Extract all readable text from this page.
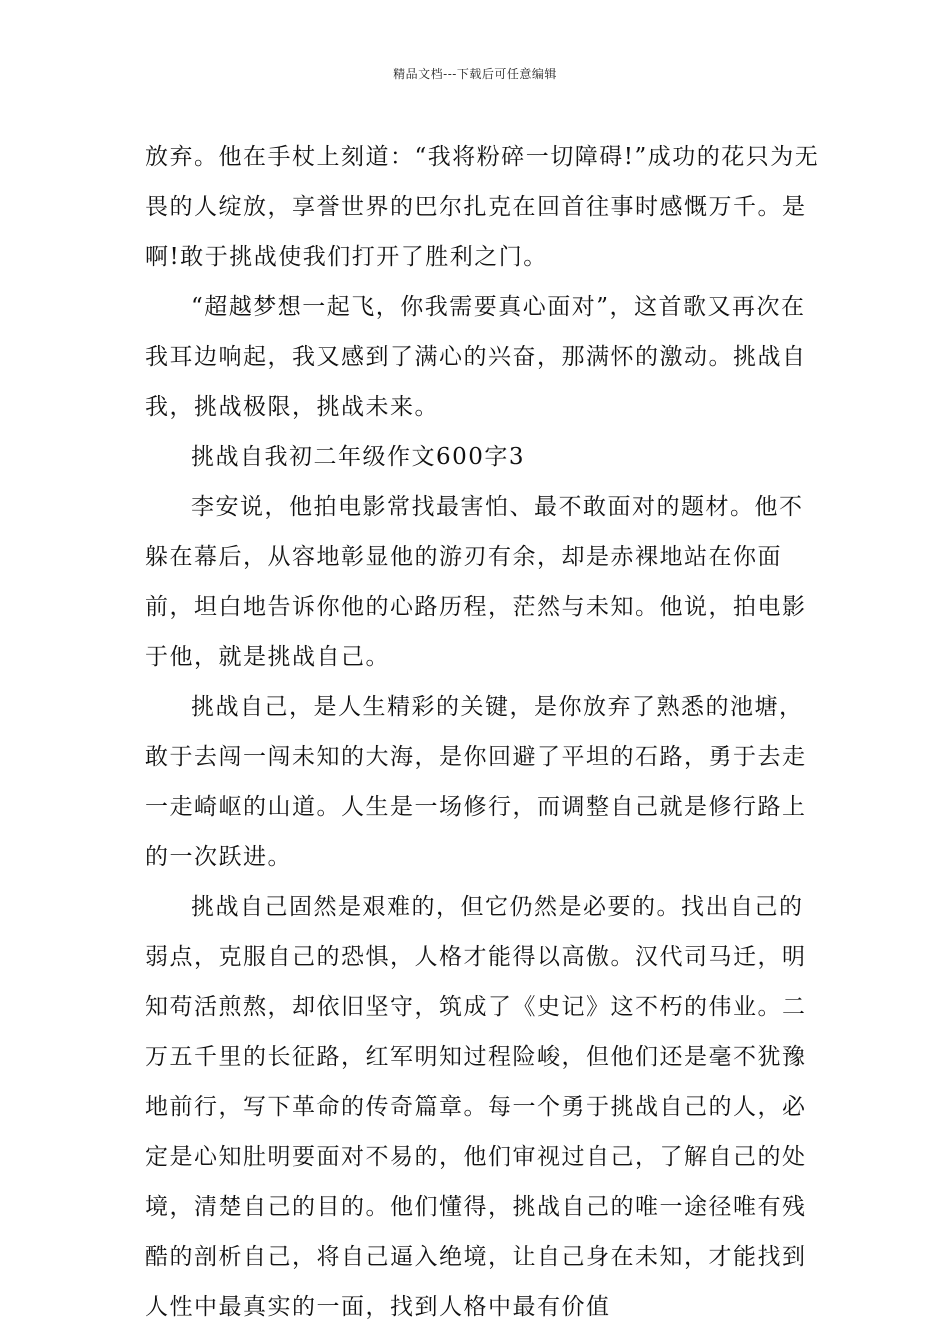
精品文档---下载后可任意编辑

放弃。他在手杖上刻道：“我将粉碎一切障碍!”成功的花只为无畏的人绽放，享誉世界的巴尔扎克在回首往事时感慨万千。是啊!敢于挑战使我们打开了胜利之门。

“超越梦想一起飞，你我需要真心面对”，这首歌又再次在我耳边响起，我又感到了满心的兴奋，那满怀的激动。挑战自我，挑战极限，挑战未来。

挑战自我初二年级作文600字3

李安说，他拍电影常找最害怕、最不敢面对的题材。他不躲在幕后，从容地彰显他的游刃有余，却是赤裸地站在你面前，坦白地告诉你他的心路历程，茫然与未知。他说，拍电影于他，就是挑战自己。

挑战自己，是人生精彩的关键，是你放弃了熟悉的池塘，敢于去闯一闯未知的大海，是你回避了平坦的石路，勇于去走一走崎岖的山道。人生是一场修行，而调整自己就是修行路上的一次跃进。

挑战自己固然是艰难的，但它仍然是必要的。找出自己的弱点，克服自己的恐惧，人格才能得以高傲。汉代司马迁，明知苟活煎熬，却依旧坚守，筑成了《史记》这不朽的伟业。二万五千里的长征路，红军明知过程险峻，但他们还是毫不犹豫地前行，写下革命的传奇篇章。每一个勇于挑战自己的人，必定是心知肚明要面对不易的，他们审视过自己，了解自己的处境，清楚自己的目的。他们懂得，挑战自己的唯一途径唯有残酷的剖析自己，将自己逼入绝境，让自己身在未知，才能找到人性中最真实的一面，找到人格中最有价值
